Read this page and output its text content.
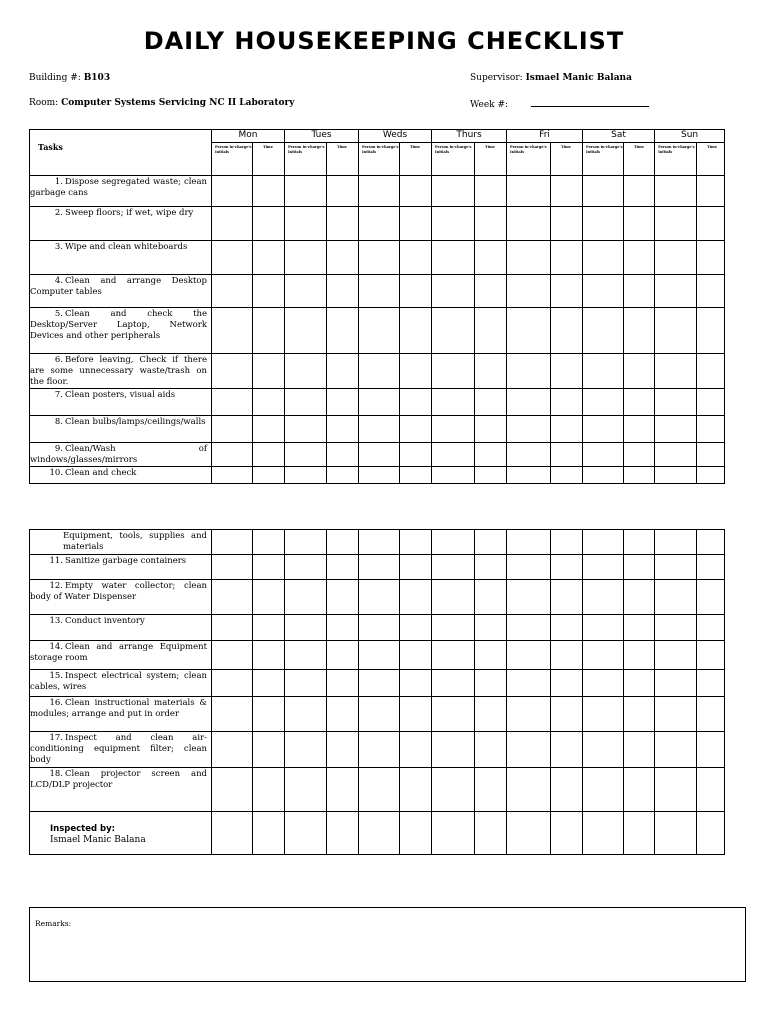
DAILY HOUSEKEEPING CHECKLIST
Building #: B103	Supervisor: Ismael Manic Balana
Room: Computer Systems Servicing NC II Laboratory	Week #:
Tasks	Mon		Tues		Weds		Thurs		Fri		Sat		Sun	
	Person in-charge's Initials	Time	Person in-charge's Initials	Time	Person in-charge's Initials	Time	Person in-charge's Initials	Time	Person in-charge's Initials	Time	Person in-charge's Initials	Time	Person in-charge's Initials	Time
1. Dispose segregated waste; clean garbage cans														
2. Sweep floors; if wet, wipe dry														
3. Wipe and clean whiteboards														
4. Clean and arrange Desktop Computer tables														
5. Clean and check the Desktop/Server Laptop, Network Devices and other peripherals														
6. Before leaving, Check if there are some unnecessary waste/trash on the floor.														
7. Clean posters, visual aids														
8. Clean bulbs/lamps/ceilings/walls														
9. Clean/Wash of windows/glasses/mirrors														
10. Clean and check														
Equipment, tools, supplies and materials														
11. Sanitize garbage containers														
12. Empty water collector; clean body of Water Dispenser														
13. Conduct inventory														
14. Clean and arrange Equipment storage room														
15. Inspect electrical system; clean cables, wires														
16. Clean instructional materials & modules; arrange and put in order														
17. Inspect and clean air-conditioning equipment filter; clean body														
18. Clean projector screen and LCD/DLP projector														

Inspected by:
Ismael Manic Balana														

Remarks:
